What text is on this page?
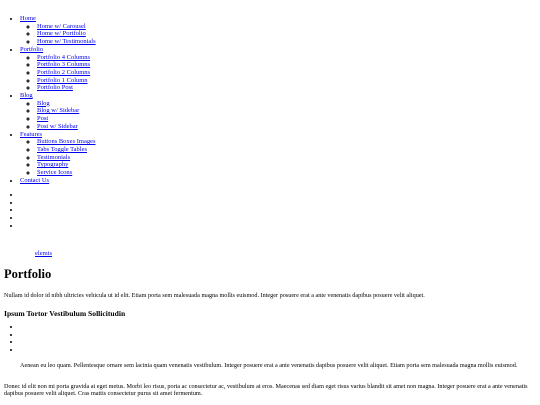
• Home
◦ Home w/ Carousel
◦ Home w/ Portfolio
◦ Home w/ Testimonials
• Portfolio
◦ Portfolio 4 Columns
◦ Portfolio 3 Columns
◦ Portfolio 2 Columns
◦ Portfolio 1 Column
◦ Portfolio Post
• Blog
◦ Blog
◦ Blog w/ Sidebar
◦ Post
◦ Post w/ Sidebar
• Features
◦ Buttons Boxes Images
◦ Tabs Toggle Tables
◦ Testimonials
◦ Typography
◦ Service Icons
• Contact Us
elemis
Portfolio

Nullam id dolor id nibh ultricies vehicula ut id elit. Etiam porta sem malesuada magna mollis euismod. Integer posuere erat a ante venenatis dapibus posuere velit aliquet.

Ipsum Tortor Vestibulum Sollicitudin

Aenean eu leo quam. Pellentesque ornare sem lacinia quam venenatis vestibulum. Integer posuere erat a ante venenatis dapibus posuere velit aliquet. Etiam porta sem malesuada magna mollis euismod.

Donec id elit non mi porta gravida at eget metus. Morbi leo risus, porta ac consectetur ac, vestibulum at eros. Maecenas sed diam eget risus varius blandit sit amet non magna. Integer posuere erat a ante venenatis dapibus posuere velit aliquet. Cras mattis consectetur purus sit amet fermentum.
